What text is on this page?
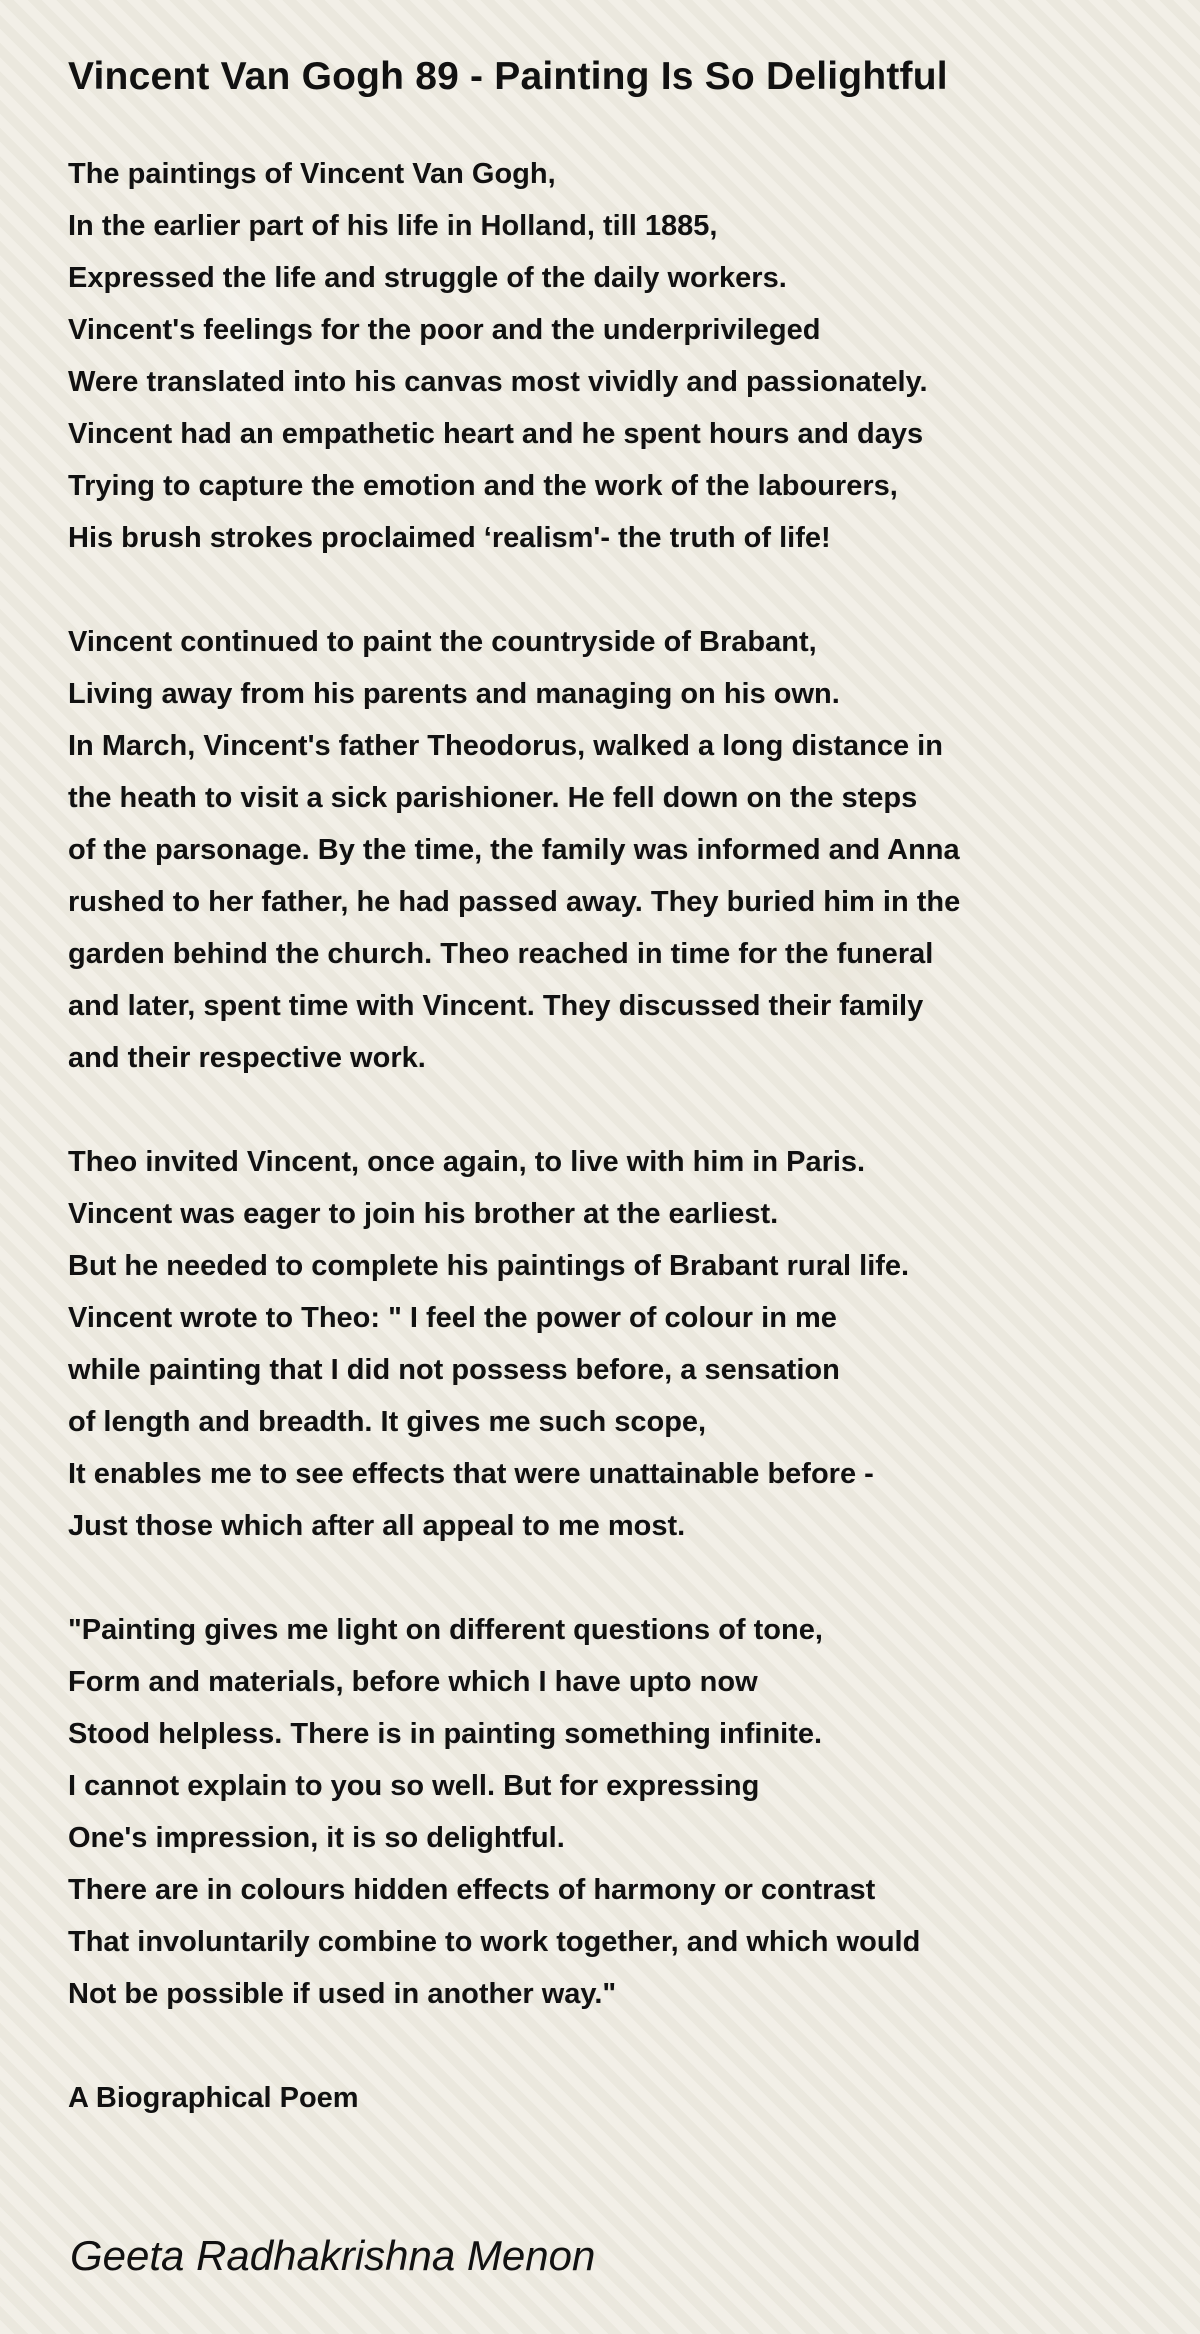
Vincent Van Gogh 89 - Painting Is So Delightful
The paintings of Vincent Van Gogh,
In the earlier part of his life in Holland, till 1885,
Expressed the life and struggle of the daily workers.
Vincent's feelings for the poor and the underprivileged
Were translated into his canvas most vividly and passionately.
Vincent had an empathetic heart and he spent hours and days
Trying to capture the emotion and the work of the labourers,
His brush strokes proclaimed ‘realism'- the truth of life!
Vincent continued to paint the countryside of Brabant,
Living away from his parents and managing on his own.
In March, Vincent's father Theodorus, walked a long distance in
the heath to visit a sick parishioner. He fell down on the steps
of the parsonage. By the time, the family was informed and Anna
rushed to her father, he had passed away. They buried him in the
garden behind the church. Theo reached in time for the funeral
and later, spent time with Vincent. They discussed their family
and their respective work.
Theo invited Vincent, once again, to live with him in Paris.
Vincent was eager to join his brother at the earliest.
But he needed to complete his paintings of Brabant rural life.
Vincent wrote to Theo: " I feel the power of colour in me
while painting that I did not possess before, a sensation
of length and breadth. It gives me such scope,
It enables me to see effects that were unattainable before -
Just those which after all appeal to me most.
"Painting gives me light on different questions of tone,
Form and materials, before which I have upto now
Stood helpless. There is in painting something infinite.
I cannot explain to you so well. But for expressing
One's impression, it is so delightful.
There are in colours hidden effects of harmony or contrast
That involuntarily combine to work together, and which would
Not be possible if used in another way."
A Biographical Poem

Geeta Radhakrishna Menon
